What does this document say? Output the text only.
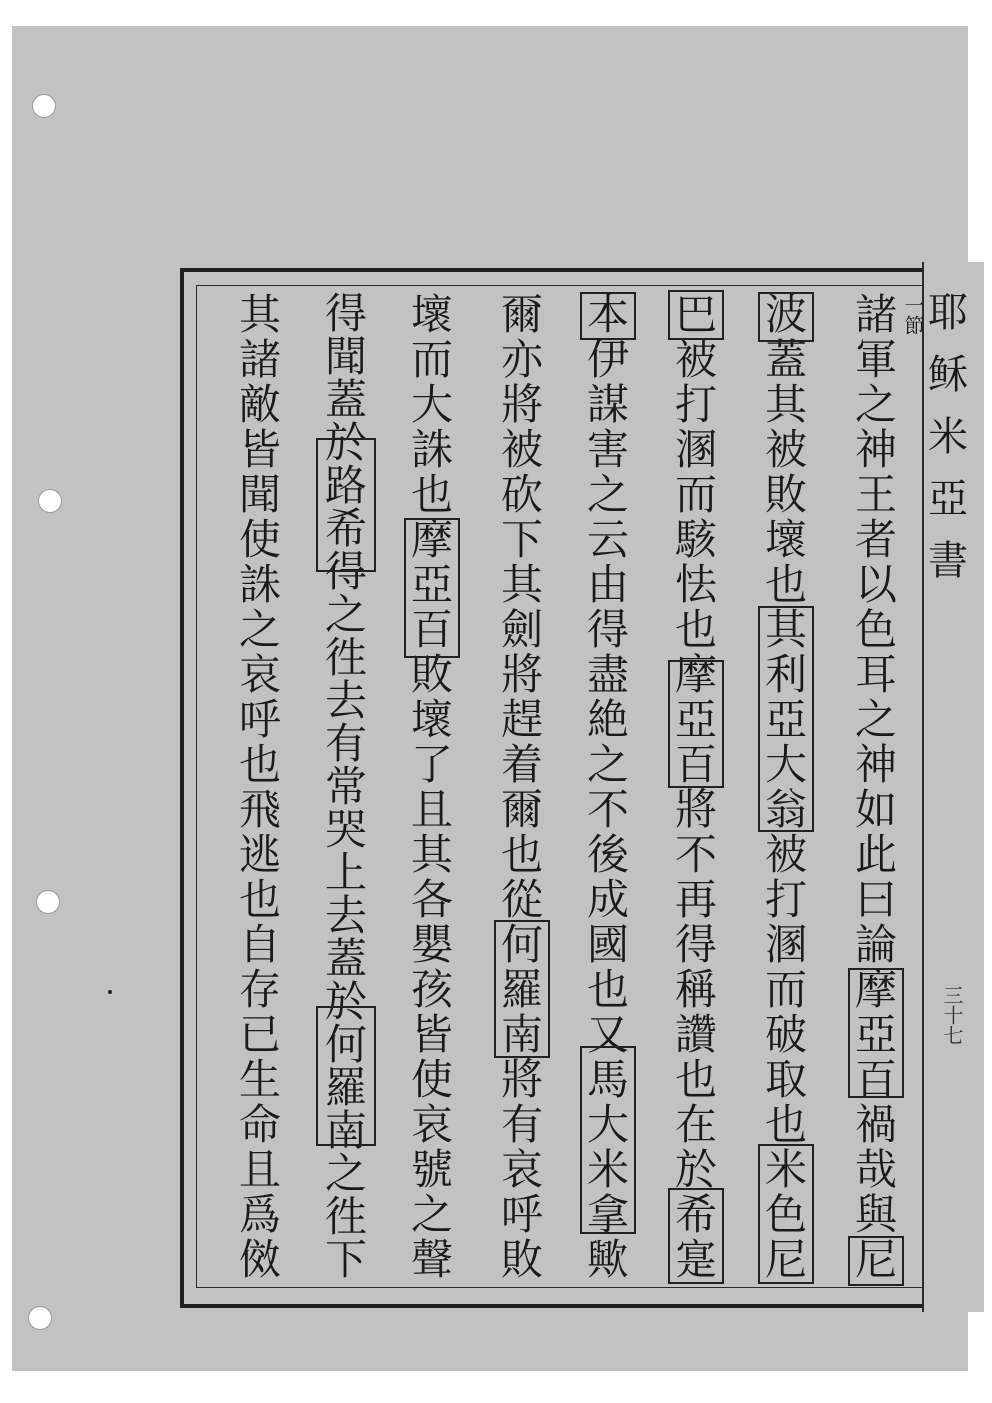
耶
稣
米
亞
書
三十七
一節
諸
軍
之
神
王
者
以
色
耳
之
神
如
此
曰
論
摩
亞
百
禍
哉
與
尼
波
蓋
其
被
敗
壞
也
其
利
亞
大
翁
被
打
溷
而
破
取
也
米
色
尼
巴
被
打
溷
而
駭
怯
也
摩
亞
百
將
不
再
得
稱
讚
也
在
於
希
寔
本
伊
謀
害
之
云
由
得
盡
絶
之
不
後
成
國
也
又
馬
大
米
拿
歟
爾
亦
將
被
砍
下
其
劍
將
趕
着
爾
也
從
何
羅
南
將
有
哀
呼
敗
壞
而
大
誅
也
摩
亞
百
敗
壞
了
且
其
各
嬰
孩
皆
使
哀
號
之
聲
得
聞
蓋
於
路
希
得
之
徃
去
有
常
哭
上
去
蓋
於
何
羅
南
之
徃
下
其
諸
敵
皆
聞
使
誅
之
哀
呼
也
飛
逃
也
自
存
已
生
命
且
爲
傚
